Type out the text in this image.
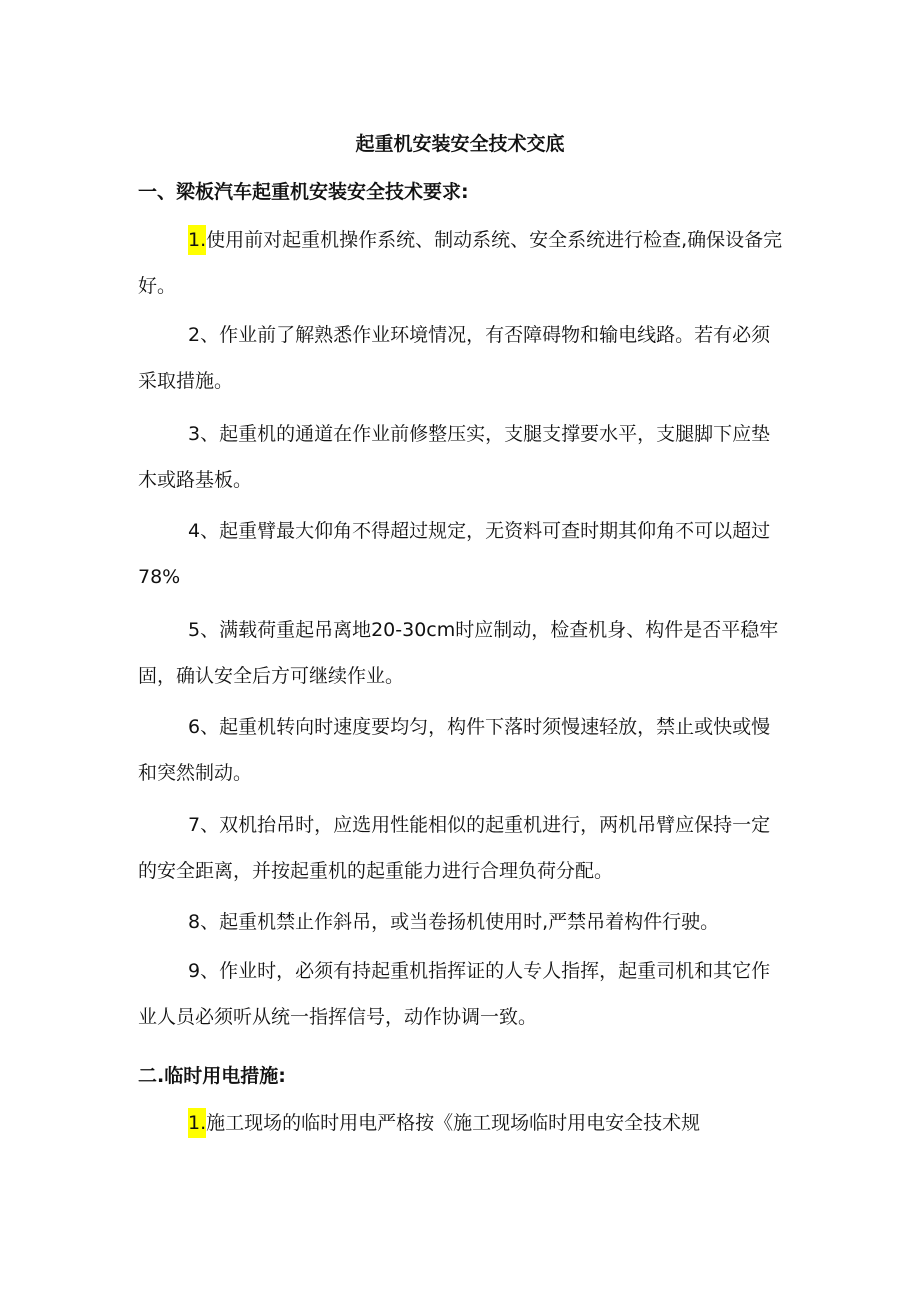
起重机安装安全技术交底
一、梁板汽车起重机安装安全技术要求:

1.使用前对起重机操作系统、制动系统、安全系统进行检查,确保设备完好。

2、作业前了解熟悉作业环境情况，有否障碍物和输电线路。若有必须采取措施。

3、起重机的通道在作业前修整压实，支腿支撑要水平，支腿脚下应垫木或路基板。

4、起重臂最大仰角不得超过规定，无资料可查时期其仰角不可以超过78%

5、满载荷重起吊离地20-30cm时应制动，检查机身、构件是否平稳牢固，确认安全后方可继续作业。

6、起重机转向时速度要均匀，构件下落时须慢速轻放，禁止或快或慢和突然制动。

7、双机抬吊时，应选用性能相似的起重机进行，两机吊臂应保持一定的安全距离，并按起重机的起重能力进行合理负荷分配。

8、起重机禁止作斜吊，或当卷扬机使用时,严禁吊着构件行驶。

9、作业时，必须有持起重机指挥证的人专人指挥，起重司机和其它作业人员必须听从统一指挥信号，动作协调一致。

二.临时用电措施:

1.施工现场的临时用电严格按《施工现场临时用电安全技术规
